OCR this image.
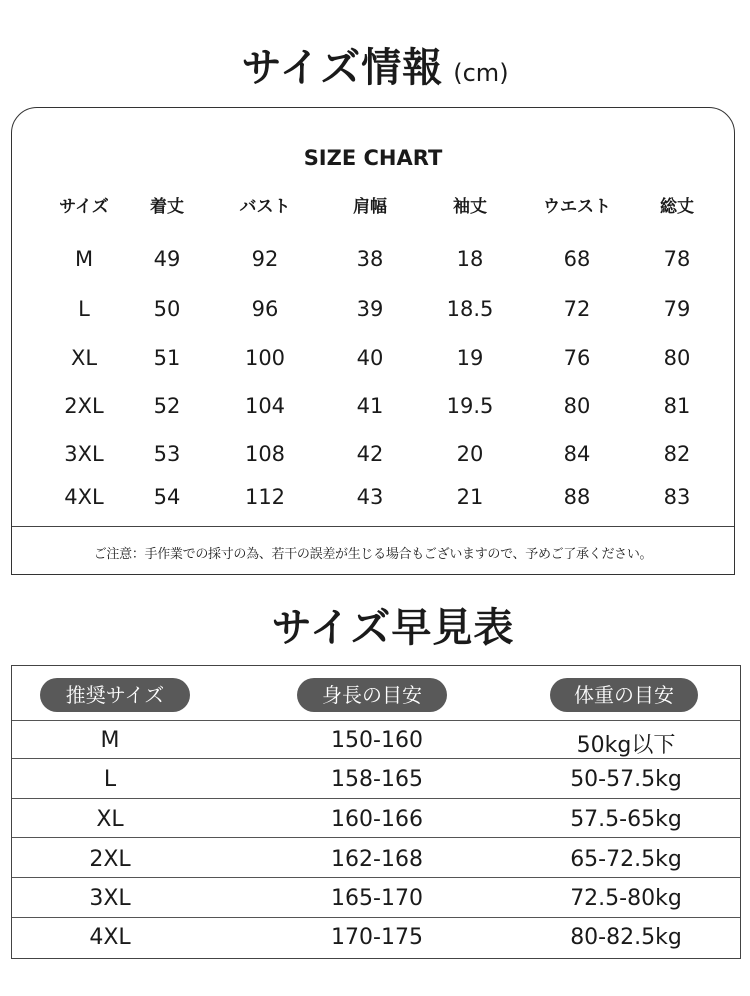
サイズ情報 (cm)
SIZE CHART
サイズ	着丈	バスト	肩幅	袖丈	ウエスト	総丈
M	49	92	38	18	68	78
L	50	96	39	18.5	72	79
XL	51	100	40	19	76	80
2XL	52	104	41	19.5	80	81
3XL	53	108	42	20	84	82
4XL	54	112	43	21	88	83
ご注意：手作業での採寸の為、若干の誤差が生じる場合もございますので、予めご了承ください。
サイズ早見表
推奨サイズ	身長の目安	体重の目安
M	150-160	50kg以下
L	158-165	50-57.5kg
XL	160-166	57.5-65kg
2XL	162-168	65-72.5kg
3XL	165-170	72.5-80kg
4XL	170-175	80-82.5kg
